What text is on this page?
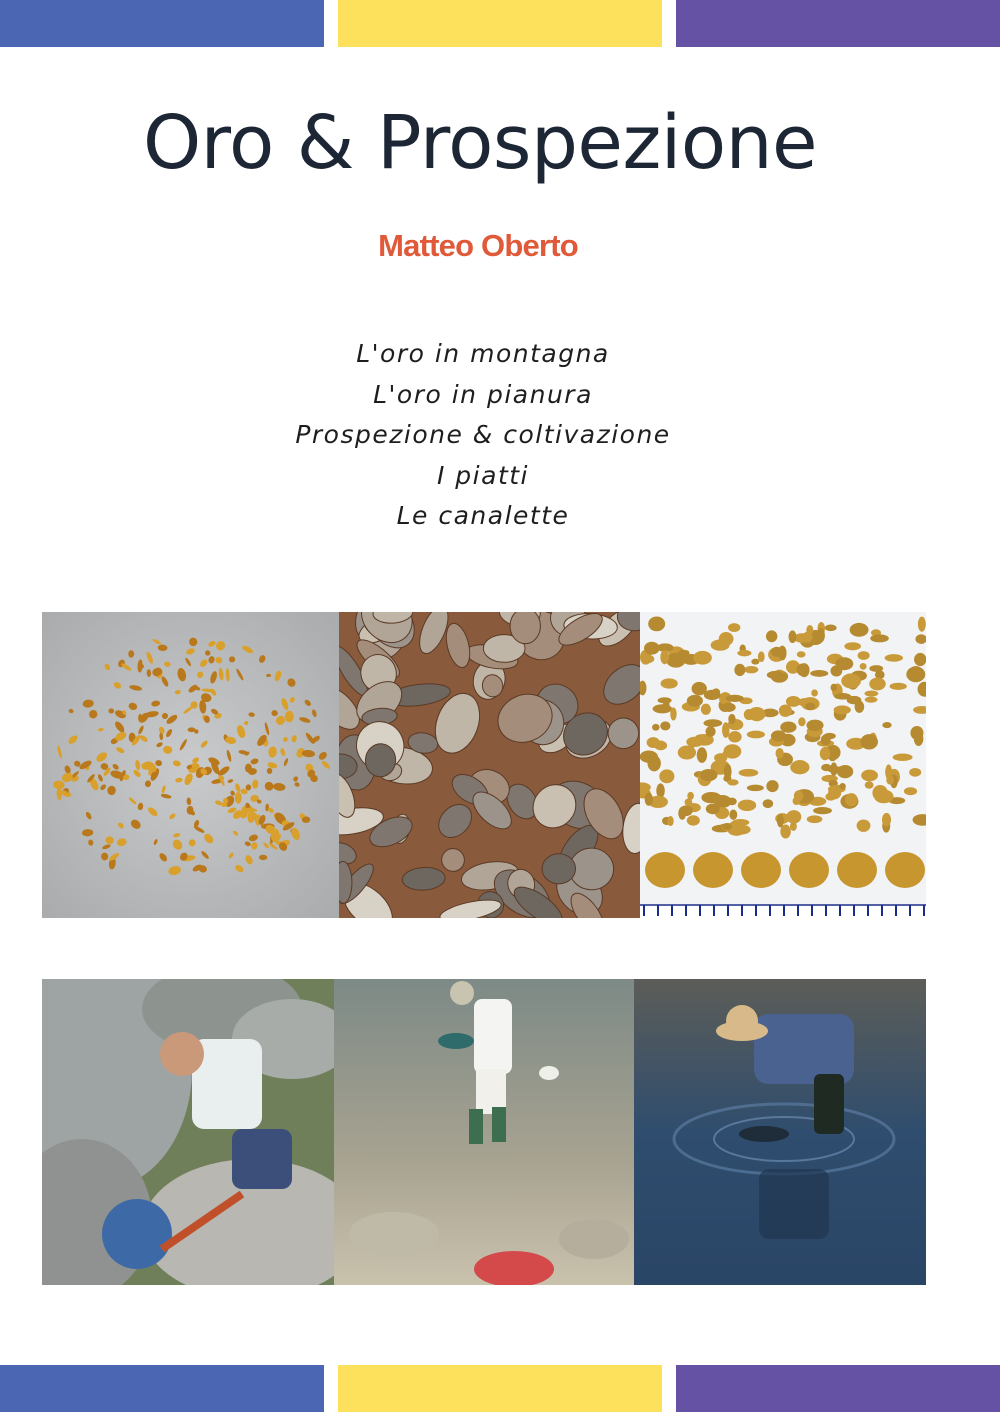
Oro & Prospezione
Matteo Oberto
L'oro in montagna
L'oro in pianura
Prospezione & coltivazione
I piatti
Le canalette
